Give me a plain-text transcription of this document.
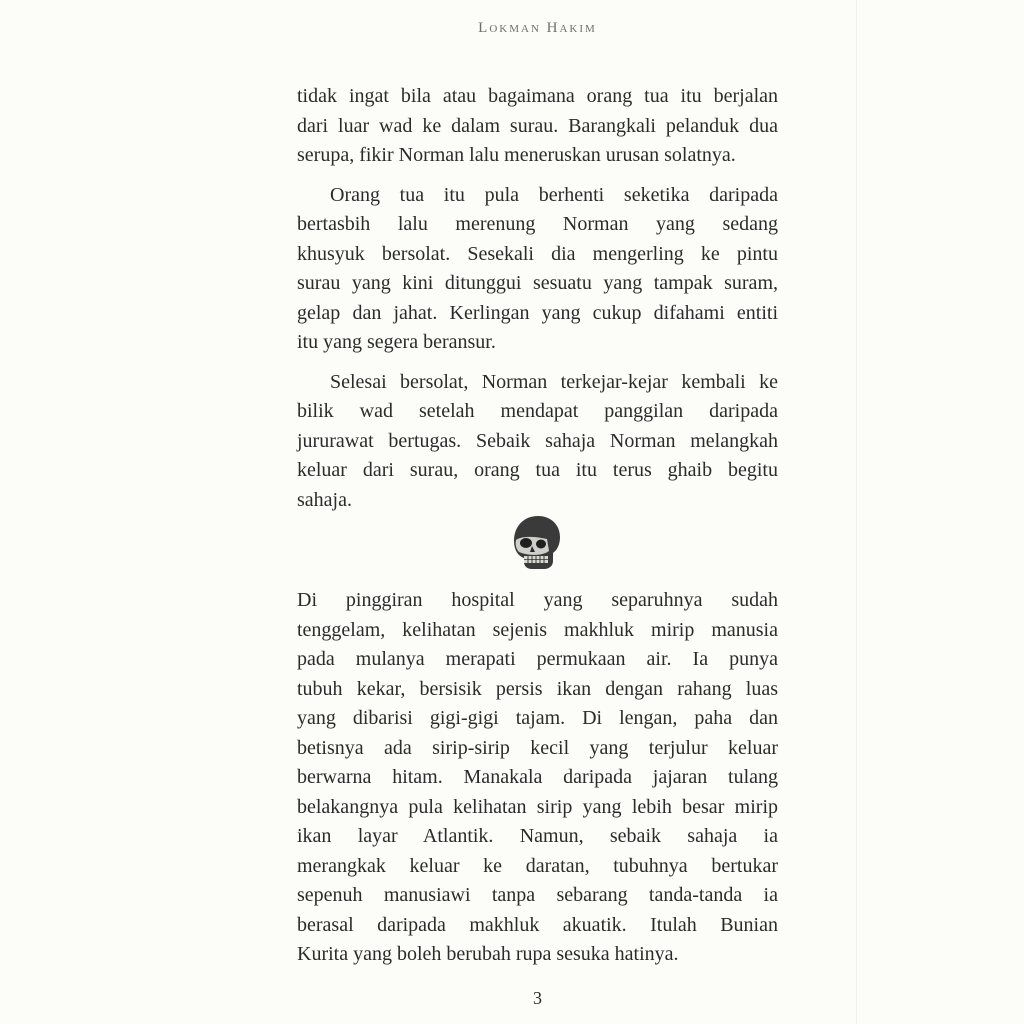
Lokman Hakim

tidak ingat bila atau bagaimana orang tua itu berjalan
dari luar wad ke dalam surau. Barangkali pelanduk dua
serupa, fikir Norman lalu meneruskan urusan solatnya.

Orang tua itu pula berhenti seketika daripada
bertasbih lalu merenung Norman yang sedang
khusyuk bersolat. Sesekali dia mengerling ke pintu
surau yang kini ditunggui sesuatu yang tampak suram,
gelap dan jahat. Kerlingan yang cukup difahami entiti
itu yang segera beransur.

Selesai bersolat, Norman terkejar-kejar kembali ke
bilik wad setelah mendapat panggilan daripada
jururawat bertugas. Sebaik sahaja Norman melangkah
keluar dari surau, orang tua itu terus ghaib begitu
sahaja.

Di pinggiran hospital yang separuhnya sudah
tenggelam, kelihatan sejenis makhluk mirip manusia
pada mulanya merapati permukaan air. Ia punya
tubuh kekar, bersisik persis ikan dengan rahang luas
yang dibarisi gigi-gigi tajam. Di lengan, paha dan
betisnya ada sirip-sirip kecil yang terjulur keluar
berwarna hitam. Manakala daripada jajaran tulang
belakangnya pula kelihatan sirip yang lebih besar mirip
ikan layar Atlantik. Namun, sebaik sahaja ia
merangkak keluar ke daratan, tubuhnya bertukar
sepenuh manusiawi tanpa sebarang tanda-tanda ia
berasal daripada makhluk akuatik. Itulah Bunian
Kurita yang boleh berubah rupa sesuka hatinya.

3
